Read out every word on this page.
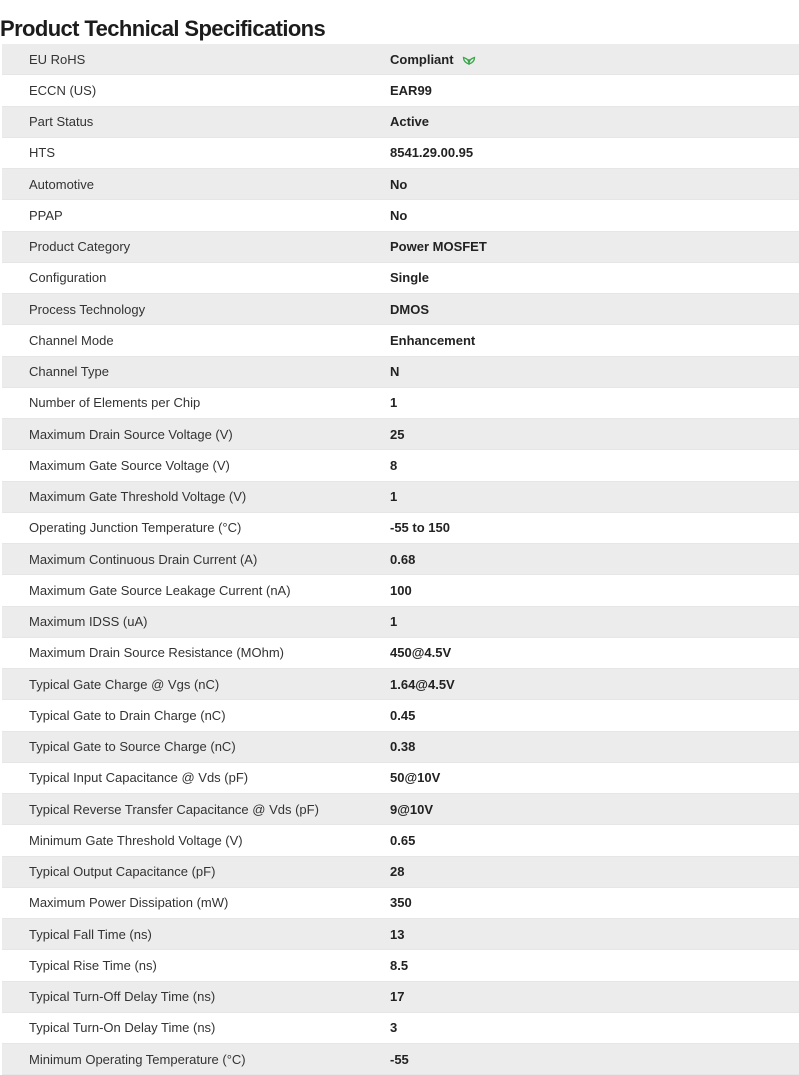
Product Technical Specifications
EU RoHS	Compliant
ECCN (US)	EAR99
Part Status	Active
HTS	8541.29.00.95
Automotive	No
PPAP	No
Product Category	Power MOSFET
Configuration	Single
Process Technology	DMOS
Channel Mode	Enhancement
Channel Type	N
Number of Elements per Chip	1
Maximum Drain Source Voltage (V)	25
Maximum Gate Source Voltage (V)	8
Maximum Gate Threshold Voltage (V)	1
Operating Junction Temperature (°C)	-55 to 150
Maximum Continuous Drain Current (A)	0.68
Maximum Gate Source Leakage Current (nA)	100
Maximum IDSS (uA)	1
Maximum Drain Source Resistance (MOhm)	450@4.5V
Typical Gate Charge @ Vgs (nC)	1.64@4.5V
Typical Gate to Drain Charge (nC)	0.45
Typical Gate to Source Charge (nC)	0.38
Typical Input Capacitance @ Vds (pF)	50@10V
Typical Reverse Transfer Capacitance @ Vds (pF)	9@10V
Minimum Gate Threshold Voltage (V)	0.65
Typical Output Capacitance (pF)	28
Maximum Power Dissipation (mW)	350
Typical Fall Time (ns)	13
Typical Rise Time (ns)	8.5
Typical Turn-Off Delay Time (ns)	17
Typical Turn-On Delay Time (ns)	3
Minimum Operating Temperature (°C)	-55
